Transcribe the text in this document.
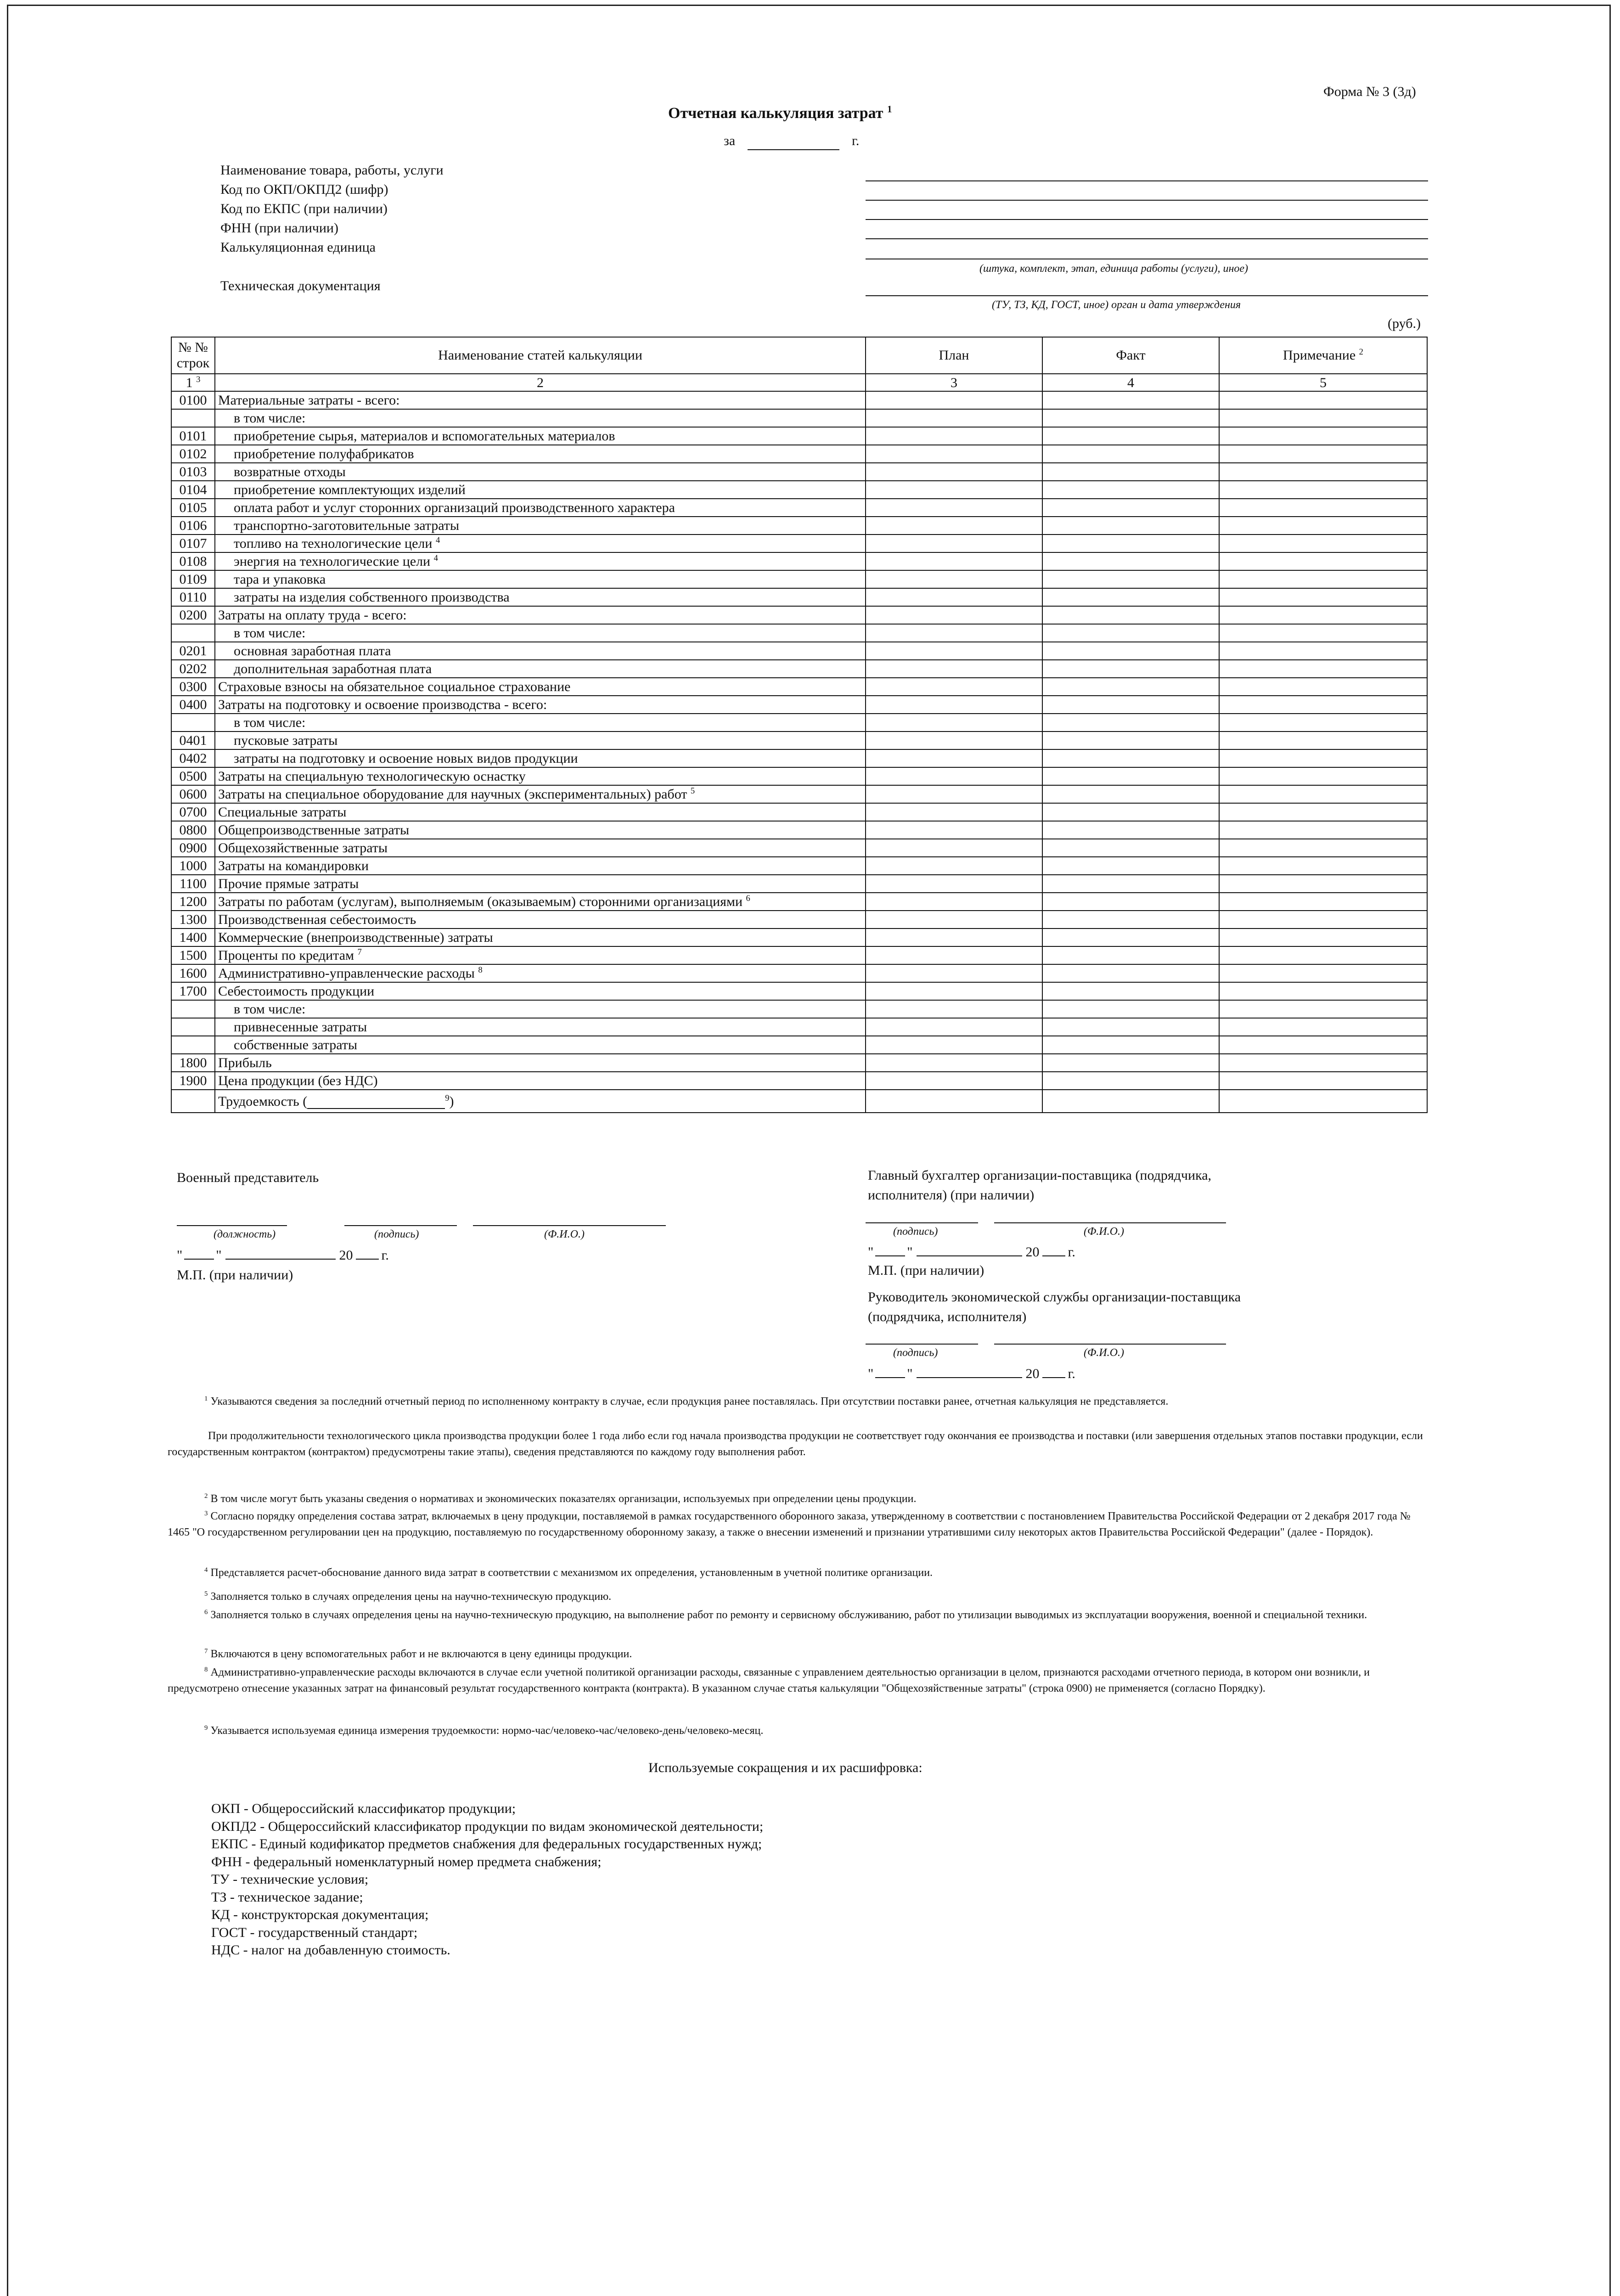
Форма № 3 (3д)
Отчетная калькуляция затрат $^1$
за	г.
Наименование товара, работы, услуги
Код по ОКП/ОКПД2 (шифр)
Код по ЕКПС (при наличии)
ФНН (при наличии)
Калькуляционная единица
(штука, комплект, этап, единица работы (услуги), иное)
Техническая документация
(ТУ, ТЗ, КД, ГОСТ, иное) орган и дата утверждения
(руб.)
№ №
строк	Наименование статей калькуляции	План	Факт	Примечание $^2$
1 $^3$	2	3	4	5
0100	Материальные затраты - всего:			
	в том числе:			
0101	приобретение сырья, материалов и вспомогательных материалов			
0102	приобретение полуфабрикатов			
0103	возвратные отходы			
0104	приобретение комплектующих изделий			
0105	оплата работ и услуг сторонних организаций производственного характера			
0106	транспортно-заготовительные затраты			
0107	топливо на технологические цели $^4$			
0108	энергия на технологические цели $^4$			
0109	тара и упаковка			
0110	затраты на изделия собственного производства			
0200	Затраты на оплату труда - всего:			
	в том числе:			
0201	основная заработная плата			
0202	дополнительная заработная плата			
0300	Страховые взносы на обязательное социальное страхование			
0400	Затраты на подготовку и освоение производства - всего:			
	в том числе:			
0401	пусковые затраты			
0402	затраты на подготовку и освоение новых видов продукции			
0500	Затраты на специальную технологическую оснастку			
0600	Затраты на специальное оборудование для научных (экспериментальных) работ $^5$			
0700	Специальные затраты			
0800	Общепроизводственные затраты			
0900	Общехозяйственные затраты			
1000	Затраты на командировки			
1100	Прочие прямые затраты			
1200	Затраты по работам (услугам), выполняемым (оказываемым) сторонними организациями $^6$			
1300	Производственная себестоимость			
1400	Коммерческие (внепроизводственные) затраты			
1500	Проценты по кредитам $^7$			
1600	Административно-управленческие расходы $^8$			
1700	Себестоимость продукции			
	в том числе:			
	привнесенные затраты			
	собственные затраты			
1800	Прибыль			
1900	Цена продукции (без НДС)			
	Трудоемкость ( $^9$)			
Военный представитель
(должность)	(подпись)	(Ф.И.О.)
" "	20 г.
М.П. (при наличии)
Главный бухгалтер организации-поставщика (подрядчика,
исполнителя) (при наличии)
(подпись)	(Ф.И.О.)
" "	20 г.
М.П. (при наличии)
Руководитель экономической службы организации-поставщика
(подрядчика, исполнителя)
(подпись)	(Ф.И.О.)
" "	20 г.

$^1$ Указываются сведения за последний отчетный период по исполненному контракту в случае, если продукция ранее поставлялась. При отсутствии поставки ранее, отчетная калькуляция не представляется.

При продолжительности технологического цикла производства продукции более 1 года либо если год начала производства продукции не соответствует году окончания ее производства и поставки (или завершения отдельных этапов поставки продукции, если государственным контрактом (контрактом) предусмотрены такие этапы), сведения представляются по каждому году выполнения работ.

$^2$ В том числе могут быть указаны сведения о нормативах и экономических показателях организации, используемых при определении цены продукции.

$^3$ Согласно порядку определения состава затрат, включаемых в цену продукции, поставляемой в рамках государственного оборонного заказа, утвержденному в соответствии с постановлением Правительства Российской Федерации от 2 декабря 2017 года № 1465 "О государственном регулировании цен на продукцию, поставляемую по государственному оборонному заказу, а также о внесении изменений и признании утратившими силу некоторых актов Правительства Российской Федерации" (далее - Порядок).

$^4$ Представляется расчет-обоснование данного вида затрат в соответствии с механизмом их определения, установленным в учетной политике организации.

$^5$ Заполняется только в случаях определения цены на научно-техническую продукцию.

$^6$ Заполняется только в случаях определения цены на научно-техническую продукцию, на выполнение работ по ремонту и сервисному обслуживанию, работ по утилизации выводимых из эксплуатации вооружения, военной и специальной техники.

$^7$ Включаются в цену вспомогательных работ и не включаются в цену единицы продукции.

$^8$ Административно-управленческие расходы включаются в случае если учетной политикой организации расходы, связанные с управлением деятельностью организации в целом, признаются расходами отчетного периода, в котором они возникли, и предусмотрено отнесение указанных затрат на финансовый результат государственного контракта (контракта). В указанном случае статья калькуляции "Общехозяйственные затраты" (строка 0900) не применяется (согласно Порядку).

$^9$ Указывается используемая единица измерения трудоемкости: нормо-час/человеко-час/человеко-день/человеко-месяц.

Используемые сокращения и их расшифровка:
ОКП - Общероссийский классификатор продукции;
ОКПД2 - Общероссийский классификатор продукции по видам экономической деятельности;
ЕКПС - Единый кодификатор предметов снабжения для федеральных государственных нужд;
ФНН - федеральный номенклатурный номер предмета снабжения;
ТУ - технические условия;
ТЗ - техническое задание;
КД - конструкторская документация;
ГОСТ - государственный стандарт;
НДС - налог на добавленную стоимость.
